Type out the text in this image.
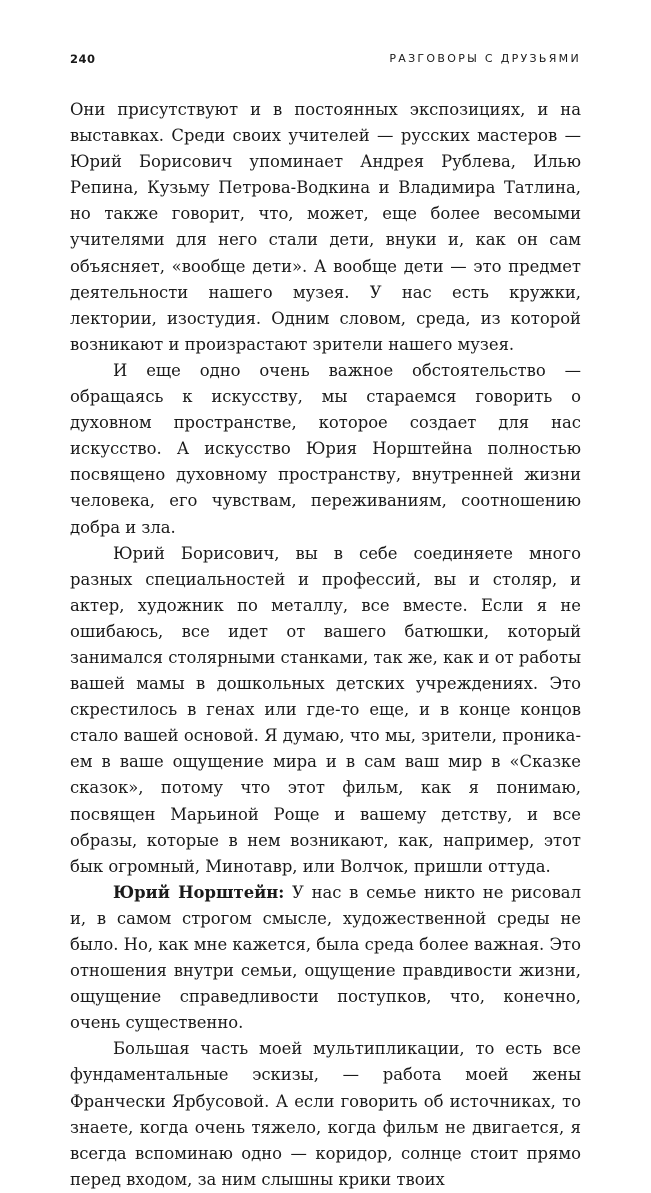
240	РАЗГОВОРЫ С ДРУЗЬЯМИ

Они присутствуют и в постоянных экспозициях, и на выставках. Среди своих учителей — русских мастеров — Юрий Борисович упоминает Андрея Рублева, Илью Репина, Кузьму Петрова-Водкина и Владимира Татлина, но также говорит, что, может, еще более весомыми учителями для него стали дети, внуки и, как он сам объясняет, «вообще дети». А вообще дети — это предмет деятельности нашего музея. У нас есть кружки, лектории, изостудия. Одним словом, среда, из которой возникают и произрастают зрители нашего музея.

И еще одно очень важное обстоятельство — обращаясь к искусству, мы стараемся говорить о духовном пространстве, которое создает для нас искусство. А искусство Юрия Норштейна полностью посвящено духовному пространству, внутренней жизни человека, его чувствам, переживаниям, соотношению добра и зла.

Юрий Борисович, вы в себе соединяете много разных специальностей и профессий, вы и столяр, и актер, художник по металлу, все вместе. Если я не ошибаюсь, все идет от вашего батюшки, который занимался столярными станками, так же, как и от работы вашей мамы в дошкольных детских учреждениях. Это скрестилось в генах или где-то еще, и в конце концов стало вашей основой. Я думаю, что мы, зрители, проникаем в ваше ощущение мира и в сам ваш мир в «Сказке сказок», потому что этот фильм, как я понимаю, посвящен Марьиной Роще и вашему детству, и все образы, которые в нем возникают, как, например, этот бык огромный, Минотавр, или Волчок, пришли оттуда.

Юрий Норштейн: У нас в семье никто не рисовал и, в самом строгом смысле, художественной среды не было. Но, как мне кажется, была среда более важная. Это отношения внутри семьи, ощущение правдивости жизни, ощущение справедливости поступков, что, конечно, очень существенно.

Большая часть моей мультипликации, то есть все фундаментальные эскизы, — работа моей жены Франчески Ярбусовой. А если говорить об источниках, то знаете, когда очень тяжело, когда фильм не двигается, я всегда вспоминаю одно — коридор, солнце стоит прямо перед входом, за ним слышны крики твоих
